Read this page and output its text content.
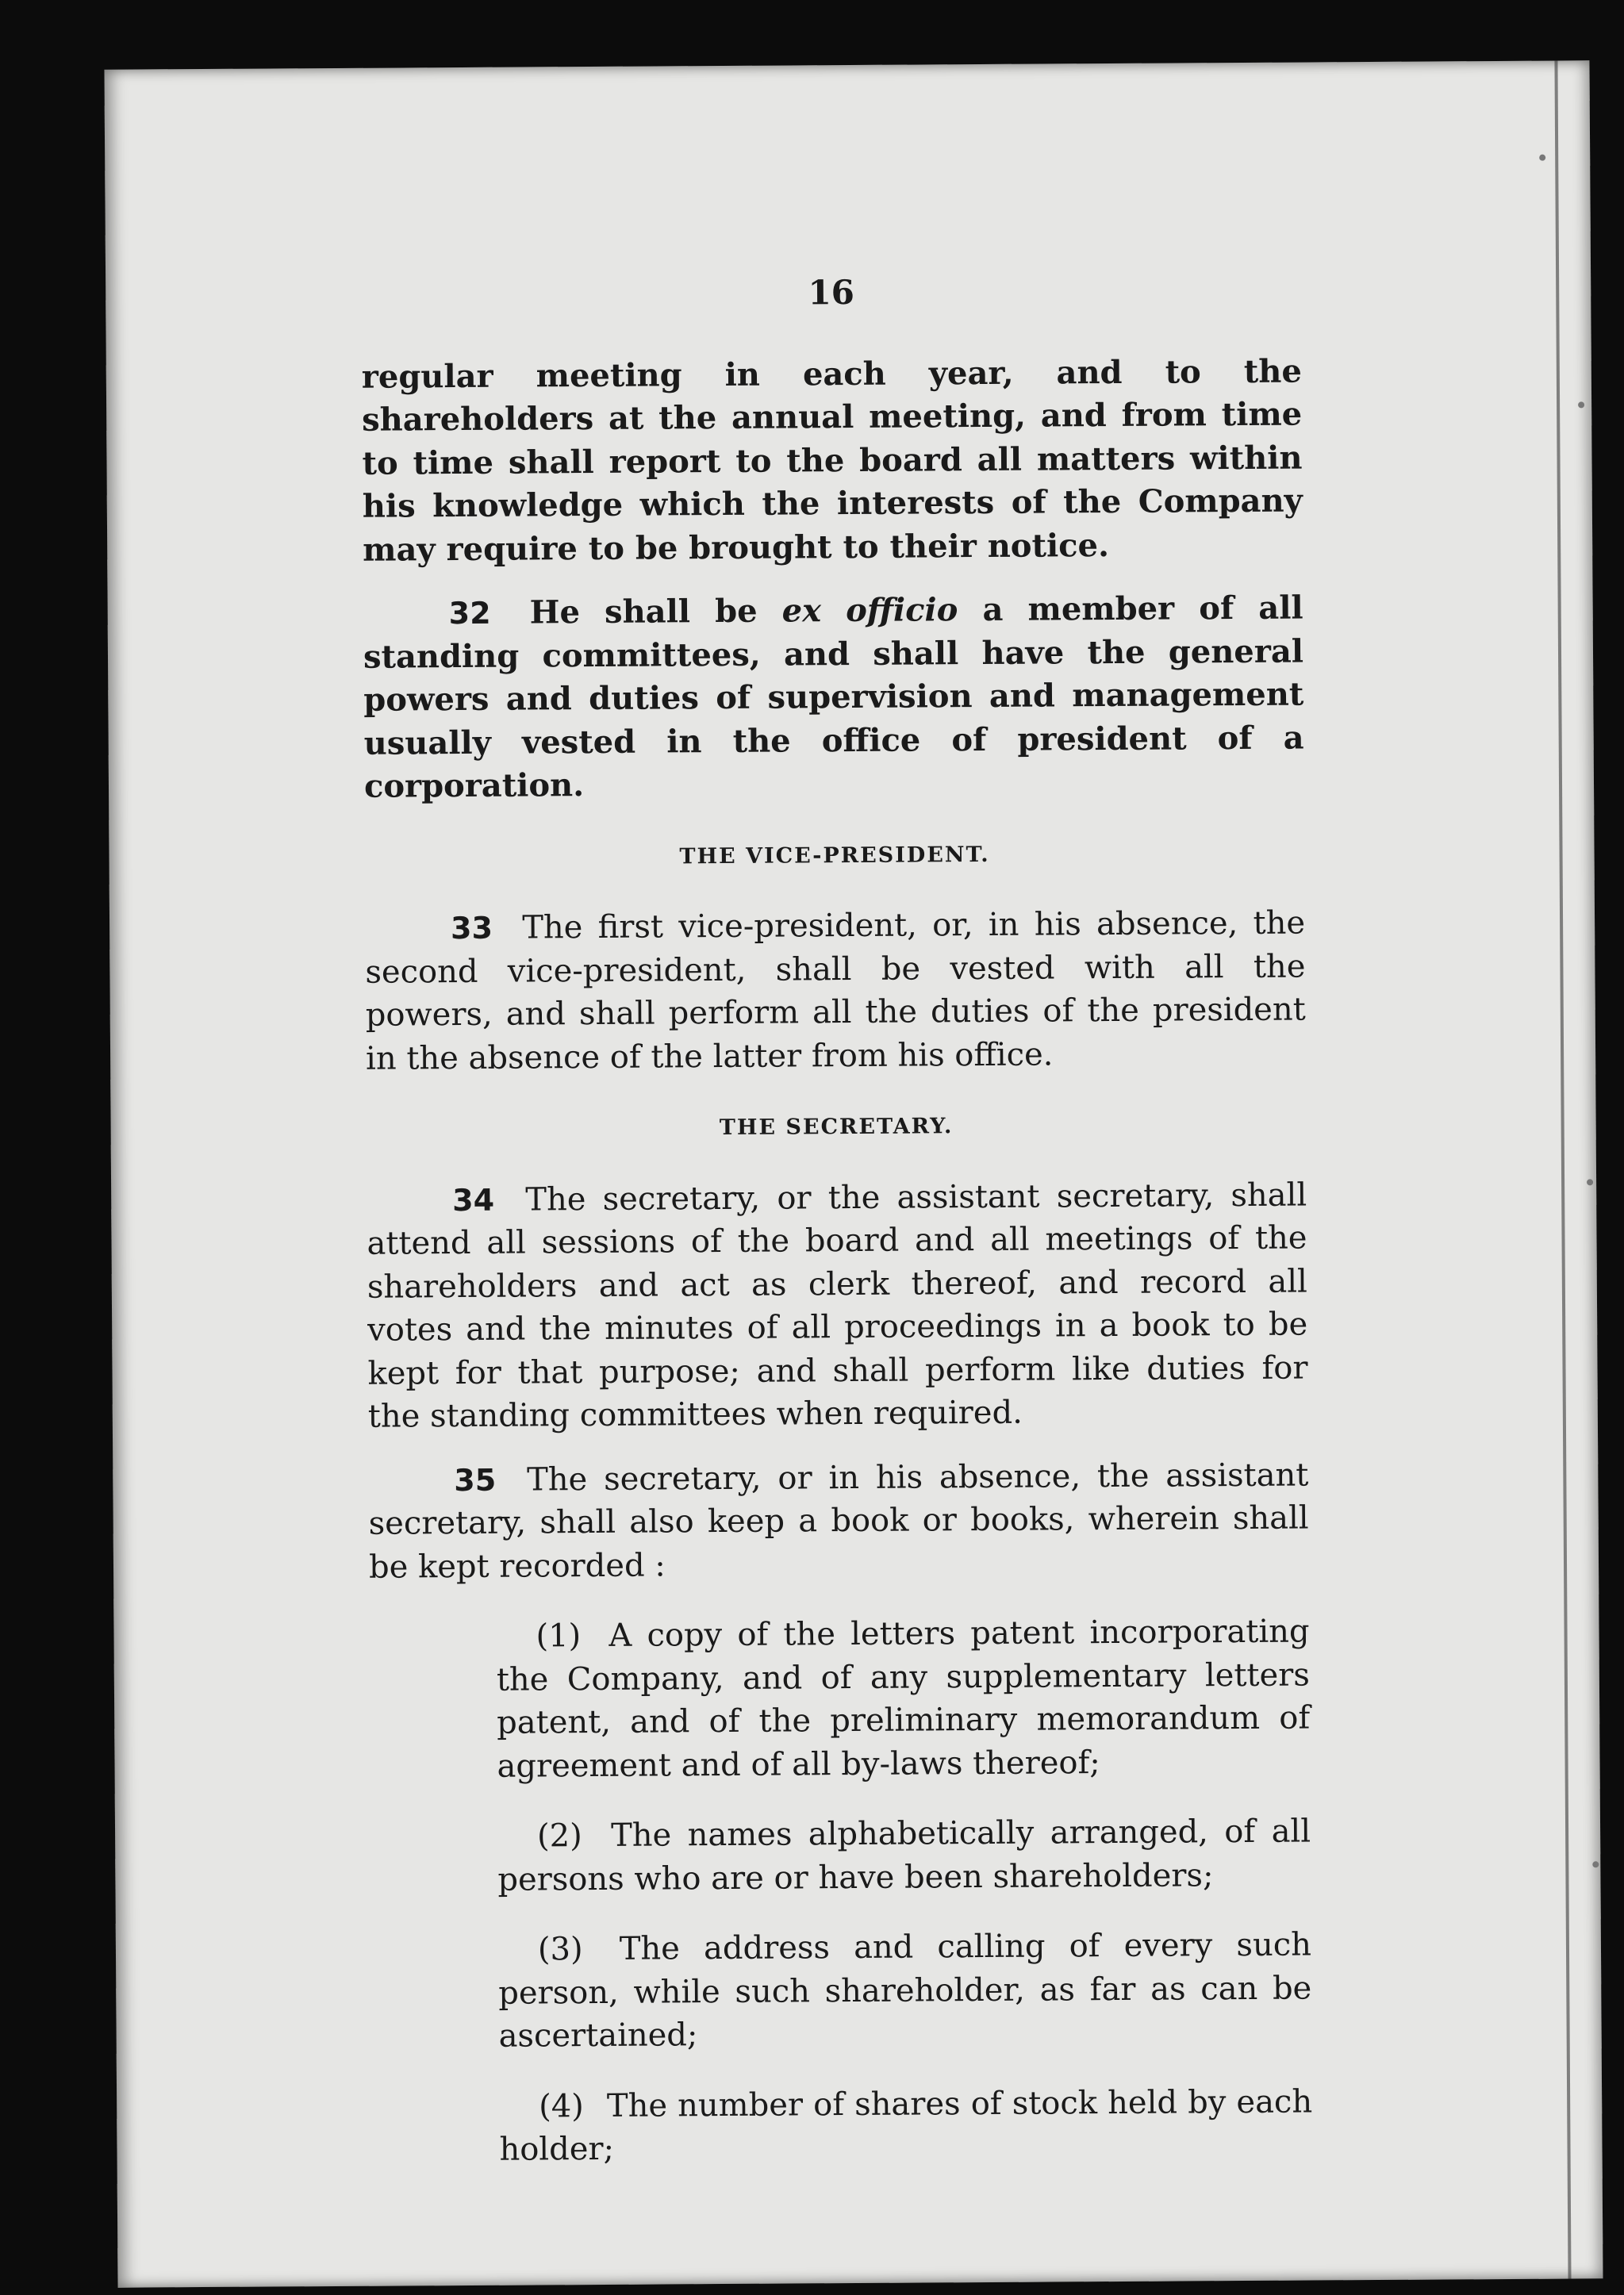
16

regular meeting in each year, and to the shareholders at the annual meeting, and from time to time shall report to the board all matters within his knowledge which the interests of the Company may require to be brought to their notice.

32 He shall be ex officio a member of all standing committees, and shall have the general powers and duties of supervision and management usually vested in the office of president of a corporation.

THE VICE-PRESIDENT.

33 The first vice-president, or, in his absence, the second vice-president, shall be vested with all the powers, and shall perform all the duties of the president in the absence of the latter from his office.

THE SECRETARY.

34 The secretary, or the assistant secretary, shall attend all sessions of the board and all meetings of the shareholders and act as clerk thereof, and record all votes and the minutes of all proceedings in a book to be kept for that purpose; and shall perform like duties for the standing committees when required.

35 The secretary, or in his absence, the assistant secretary, shall also keep a book or books, wherein shall be kept recorded :

(1) A copy of the letters patent incorporating the Company, and of any supplementary letters patent, and of the preliminary memorandum of agreement and of all by-laws thereof;

(2) The names alphabetically arranged, of all persons who are or have been shareholders;

(3) The address and calling of every such person, while such shareholder, as far as can be ascertained;

(4) The number of shares of stock held by each holder;
